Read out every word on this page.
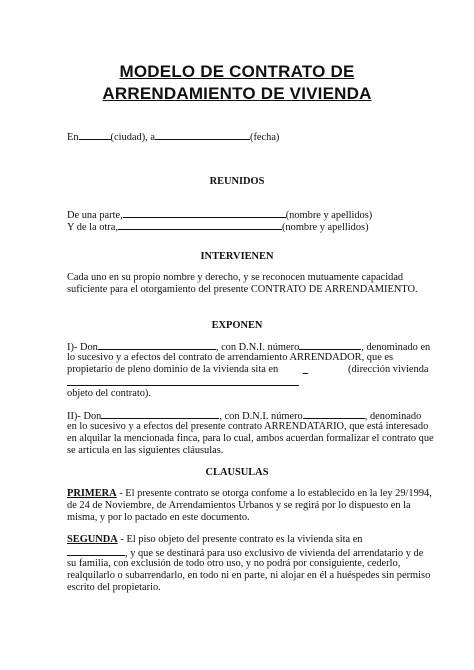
MODELO DE CONTRATO DE
ARRENDAMIENTO DE VIVIENDA
En	(ciudad), a	(fecha)
REUNIDOS
De una parte,	(nombre y apellidos)
Y de la otra,	(nombre y apellidos)
INTERVIENEN
Cada uno en su propio nombre y derecho, y se reconocen mutuamente capacidad
suficiente para el otorgamiento del presente CONTRATO DE ARRENDAMIENTO.
EXPONEN
I)- Don	, con D.N.I. número	, denominado en
lo sucesivo y a efectos del contrato de arrendamiento ARRENDADOR, que es
propietario de pleno dominio de la vivienda sita en _	(dirección vivienda
objeto del contrato).
II)- Don	, con D.N.I. número	, denominado
en lo sucesivo y a efectos del presente contrato ARRENDATARIO, que está interesado
en alquilar la mencionada finca, para lo cual, ambos acuerdan formalizar el contrato que
se articula en las siguientes cláusulas.
CLAUSULAS
PRIMERA - El presente contrato se otorga confome a lo establecido en la ley 29/1994,
de 24 de Noviembre, de Arrendamientos Urbanos y se regirá por lo dispuesto en la
misma, y por lo pactado en este documento.
SEGUNDA - El piso objeto del presente contrato es la vivienda sita en
, y que se destinará para uso exclusivo de vivienda del arrendatario y de
su familia, con exclusión de todo otro uso, y no podrá por consiguiente, cederlo,
realquilarlo o subarrendarlo, en todo ni en parte, ni alojar en él a huéspedes sin permiso
escrito del propietario.
